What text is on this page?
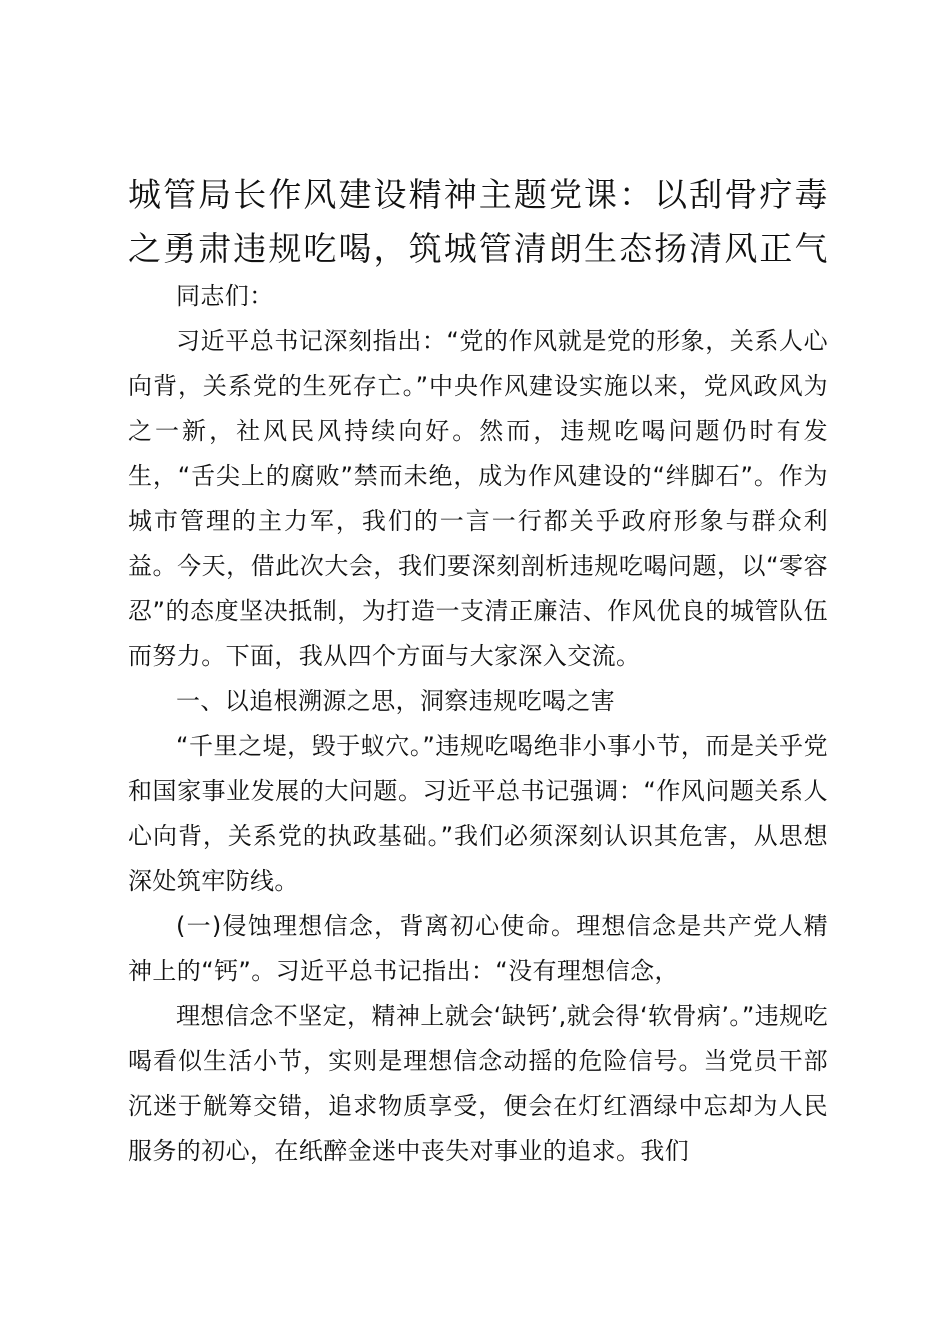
城管局长作风建设精神主题党课：以刮骨疗毒之勇肃违规吃喝，筑城管清朗生态扬清风正气

同志们：

习近平总书记深刻指出：“党的作风就是党的形象，关系人心向背，关系党的生死存亡。”中央作风建设实施以来，党风政风为之一新，社风民风持续向好。然而，违规吃喝问题仍时有发生，“舌尖上的腐败”禁而未绝，成为作风建设的“绊脚石”。作为城市管理的主力军，我们的一言一行都关乎政府形象与群众利益。今天，借此次大会，我们要深刻剖析违规吃喝问题，以“零容忍”的态度坚决抵制，为打造一支清正廉洁、作风优良的城管队伍而努力。下面，我从四个方面与大家深入交流。

一、以追根溯源之思，洞察违规吃喝之害

“千里之堤，毁于蚁穴。”违规吃喝绝非小事小节，而是关乎党和国家事业发展的大问题。习近平总书记强调：“作风问题关系人心向背，关系党的执政基础。”我们必须深刻认识其危害，从思想深处筑牢防线。

(一)侵蚀理想信念，背离初心使命。理想信念是共产党人精神上的“钙”。习近平总书记指出：“没有理想信念，

理想信念不坚定，精神上就会‘缺钙’,就会得‘软骨病’。”违规吃喝看似生活小节，实则是理想信念动摇的危险信号。当党员干部沉迷于觥筹交错，追求物质享受，便会在灯红酒绿中忘却为人民服务的初心，在纸醉金迷中丧失对事业的追求。我们
